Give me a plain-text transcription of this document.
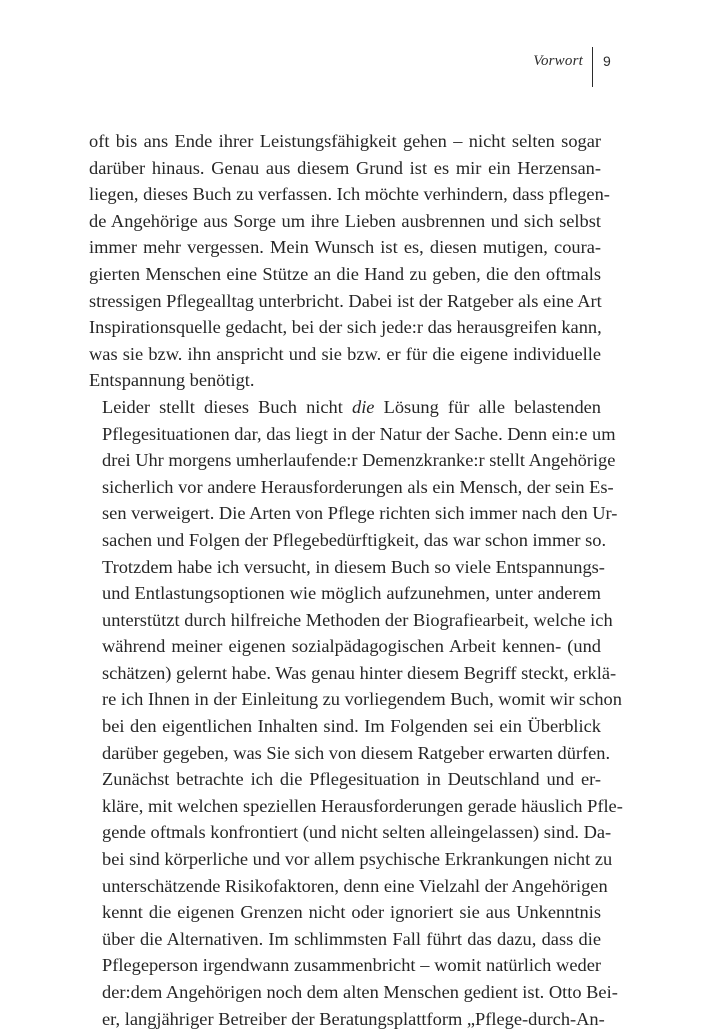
Vorwort 9

oft bis ans Ende ihrer Leistungsfähigkeit gehen – nicht selten sogar
darüber hinaus. Genau aus diesem Grund ist es mir ein Herzensan-
liegen, dieses Buch zu verfassen. Ich möchte verhindern, dass pflegen-
de Angehörige aus Sorge um ihre Lieben ausbrennen und sich selbst
immer mehr vergessen. Mein Wunsch ist es, diesen mutigen, coura-
gierten Menschen eine Stütze an die Hand zu geben, die den oftmals
stressigen Pflegealltag unterbricht. Dabei ist der Ratgeber als eine Art
Inspirationsquelle gedacht, bei der sich jede:r das herausgreifen kann,
was sie bzw. ihn anspricht und sie bzw. er für die eigene individuelle
Entspannung benötigt.

Leider stellt dieses Buch nicht die Lösung für alle belastenden
Pflegesituationen dar, das liegt in der Natur der Sache. Denn ein:e um
drei Uhr morgens umherlaufende:r Demenzkranke:r stellt Angehörige
sicherlich vor andere Herausforderungen als ein Mensch, der sein Es-
sen verweigert. Die Arten von Pflege richten sich immer nach den Ur-
sachen und Folgen der Pflegebedürftigkeit, das war schon immer so.
Trotzdem habe ich versucht, in diesem Buch so viele Entspannungs-
und Entlastungsoptionen wie möglich aufzunehmen, unter anderem
unterstützt durch hilfreiche Methoden der Biografiearbeit, welche ich
während meiner eigenen sozialpädagogischen Arbeit kennen- (und
schätzen) gelernt habe. Was genau hinter diesem Begriff steckt, erklä-
re ich Ihnen in der Einleitung zu vorliegendem Buch, womit wir schon
bei den eigentlichen Inhalten sind. Im Folgenden sei ein Überblick
darüber gegeben, was Sie sich von diesem Ratgeber erwarten dürfen.

Zunächst betrachte ich die Pflegesituation in Deutschland und er-
kläre, mit welchen speziellen Herausforderungen gerade häuslich Pfle-
gende oftmals konfrontiert (und nicht selten alleingelassen) sind. Da-
bei sind körperliche und vor allem psychische Erkrankungen nicht zu
unterschätzende Risikofaktoren, denn eine Vielzahl der Angehörigen
kennt die eigenen Grenzen nicht oder ignoriert sie aus Unkenntnis
über die Alternativen. Im schlimmsten Fall führt das dazu, dass die
Pflegeperson irgendwann zusammenbricht – womit natürlich weder
der:dem Angehörigen noch dem alten Menschen gedient ist. Otto Bei-
er, langjähriger Betreiber der Beratungsplattform „Pflege-durch-An-
